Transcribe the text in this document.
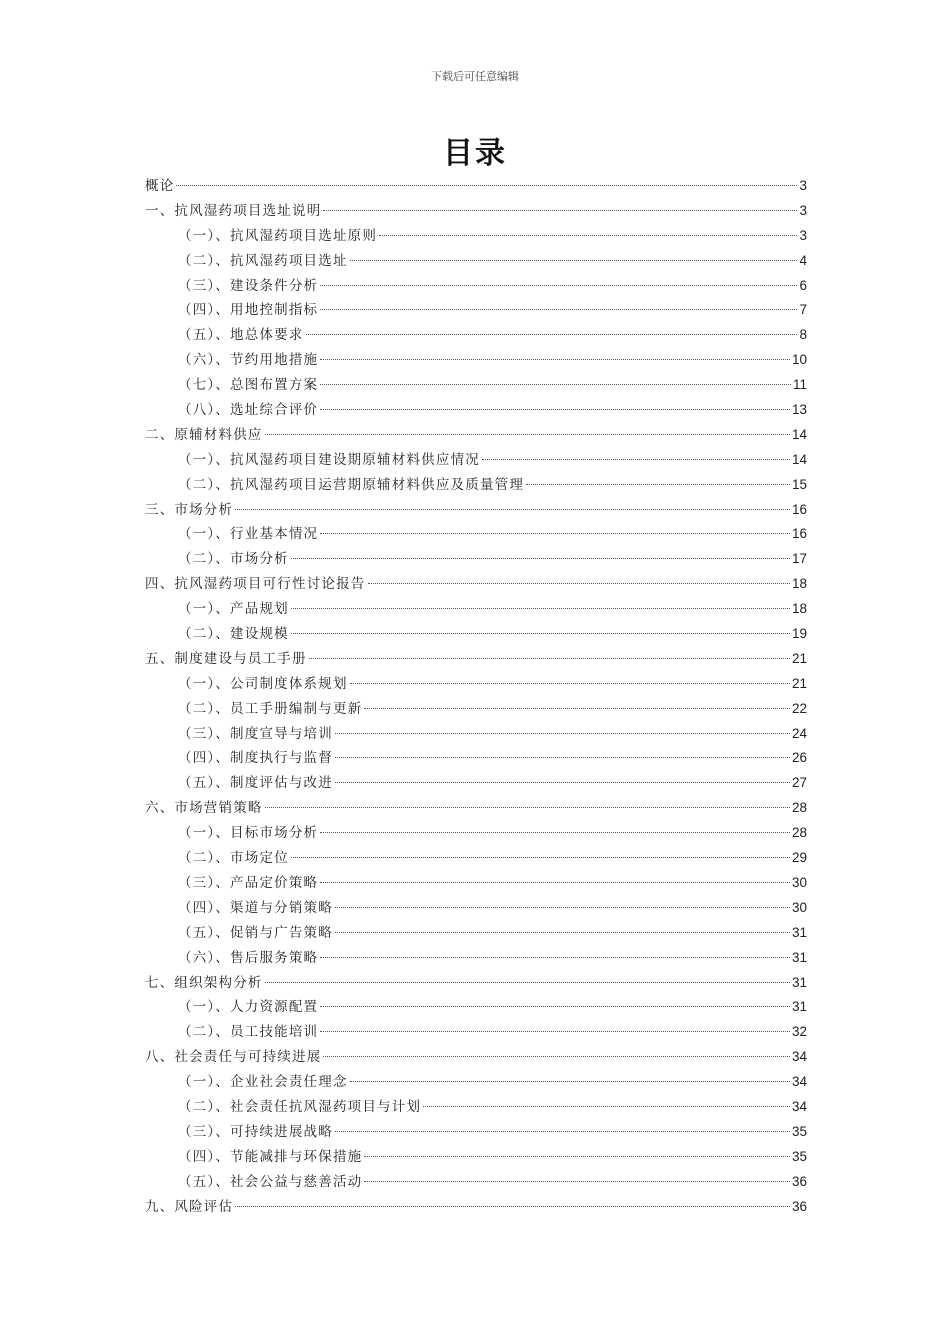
下载后可任意编辑
目录
概论	3
一、抗风湿药项目选址说明	3
（一）、抗风湿药项目选址原则	3
（二）、抗风湿药项目选址	4
（三）、建设条件分析	6
（四）、用地控制指标	7
（五）、地总体要求	8
（六）、节约用地措施	10
（七）、总图布置方案	11
（八）、选址综合评价	13
二、原辅材料供应	14
（一）、抗风湿药项目建设期原辅材料供应情况	14
（二）、抗风湿药项目运营期原辅材料供应及质量管理	15
三、市场分析	16
（一）、行业基本情况	16
（二）、市场分析	17
四、抗风湿药项目可行性讨论报告	18
（一）、产品规划	18
（二）、建设规模	19
五、制度建设与员工手册	21
（一）、公司制度体系规划	21
（二）、员工手册编制与更新	22
（三）、制度宣导与培训	24
（四）、制度执行与监督	26
（五）、制度评估与改进	27
六、市场营销策略	28
（一）、目标市场分析	28
（二）、市场定位	29
（三）、产品定价策略	30
（四）、渠道与分销策略	30
（五）、促销与广告策略	31
（六）、售后服务策略	31
七、组织架构分析	31
（一）、人力资源配置	31
（二）、员工技能培训	32
八、社会责任与可持续进展	34
（一）、企业社会责任理念	34
（二）、社会责任抗风湿药项目与计划	34
（三）、可持续进展战略	35
（四）、节能减排与环保措施	35
（五）、社会公益与慈善活动	36
九、风险评估	36
